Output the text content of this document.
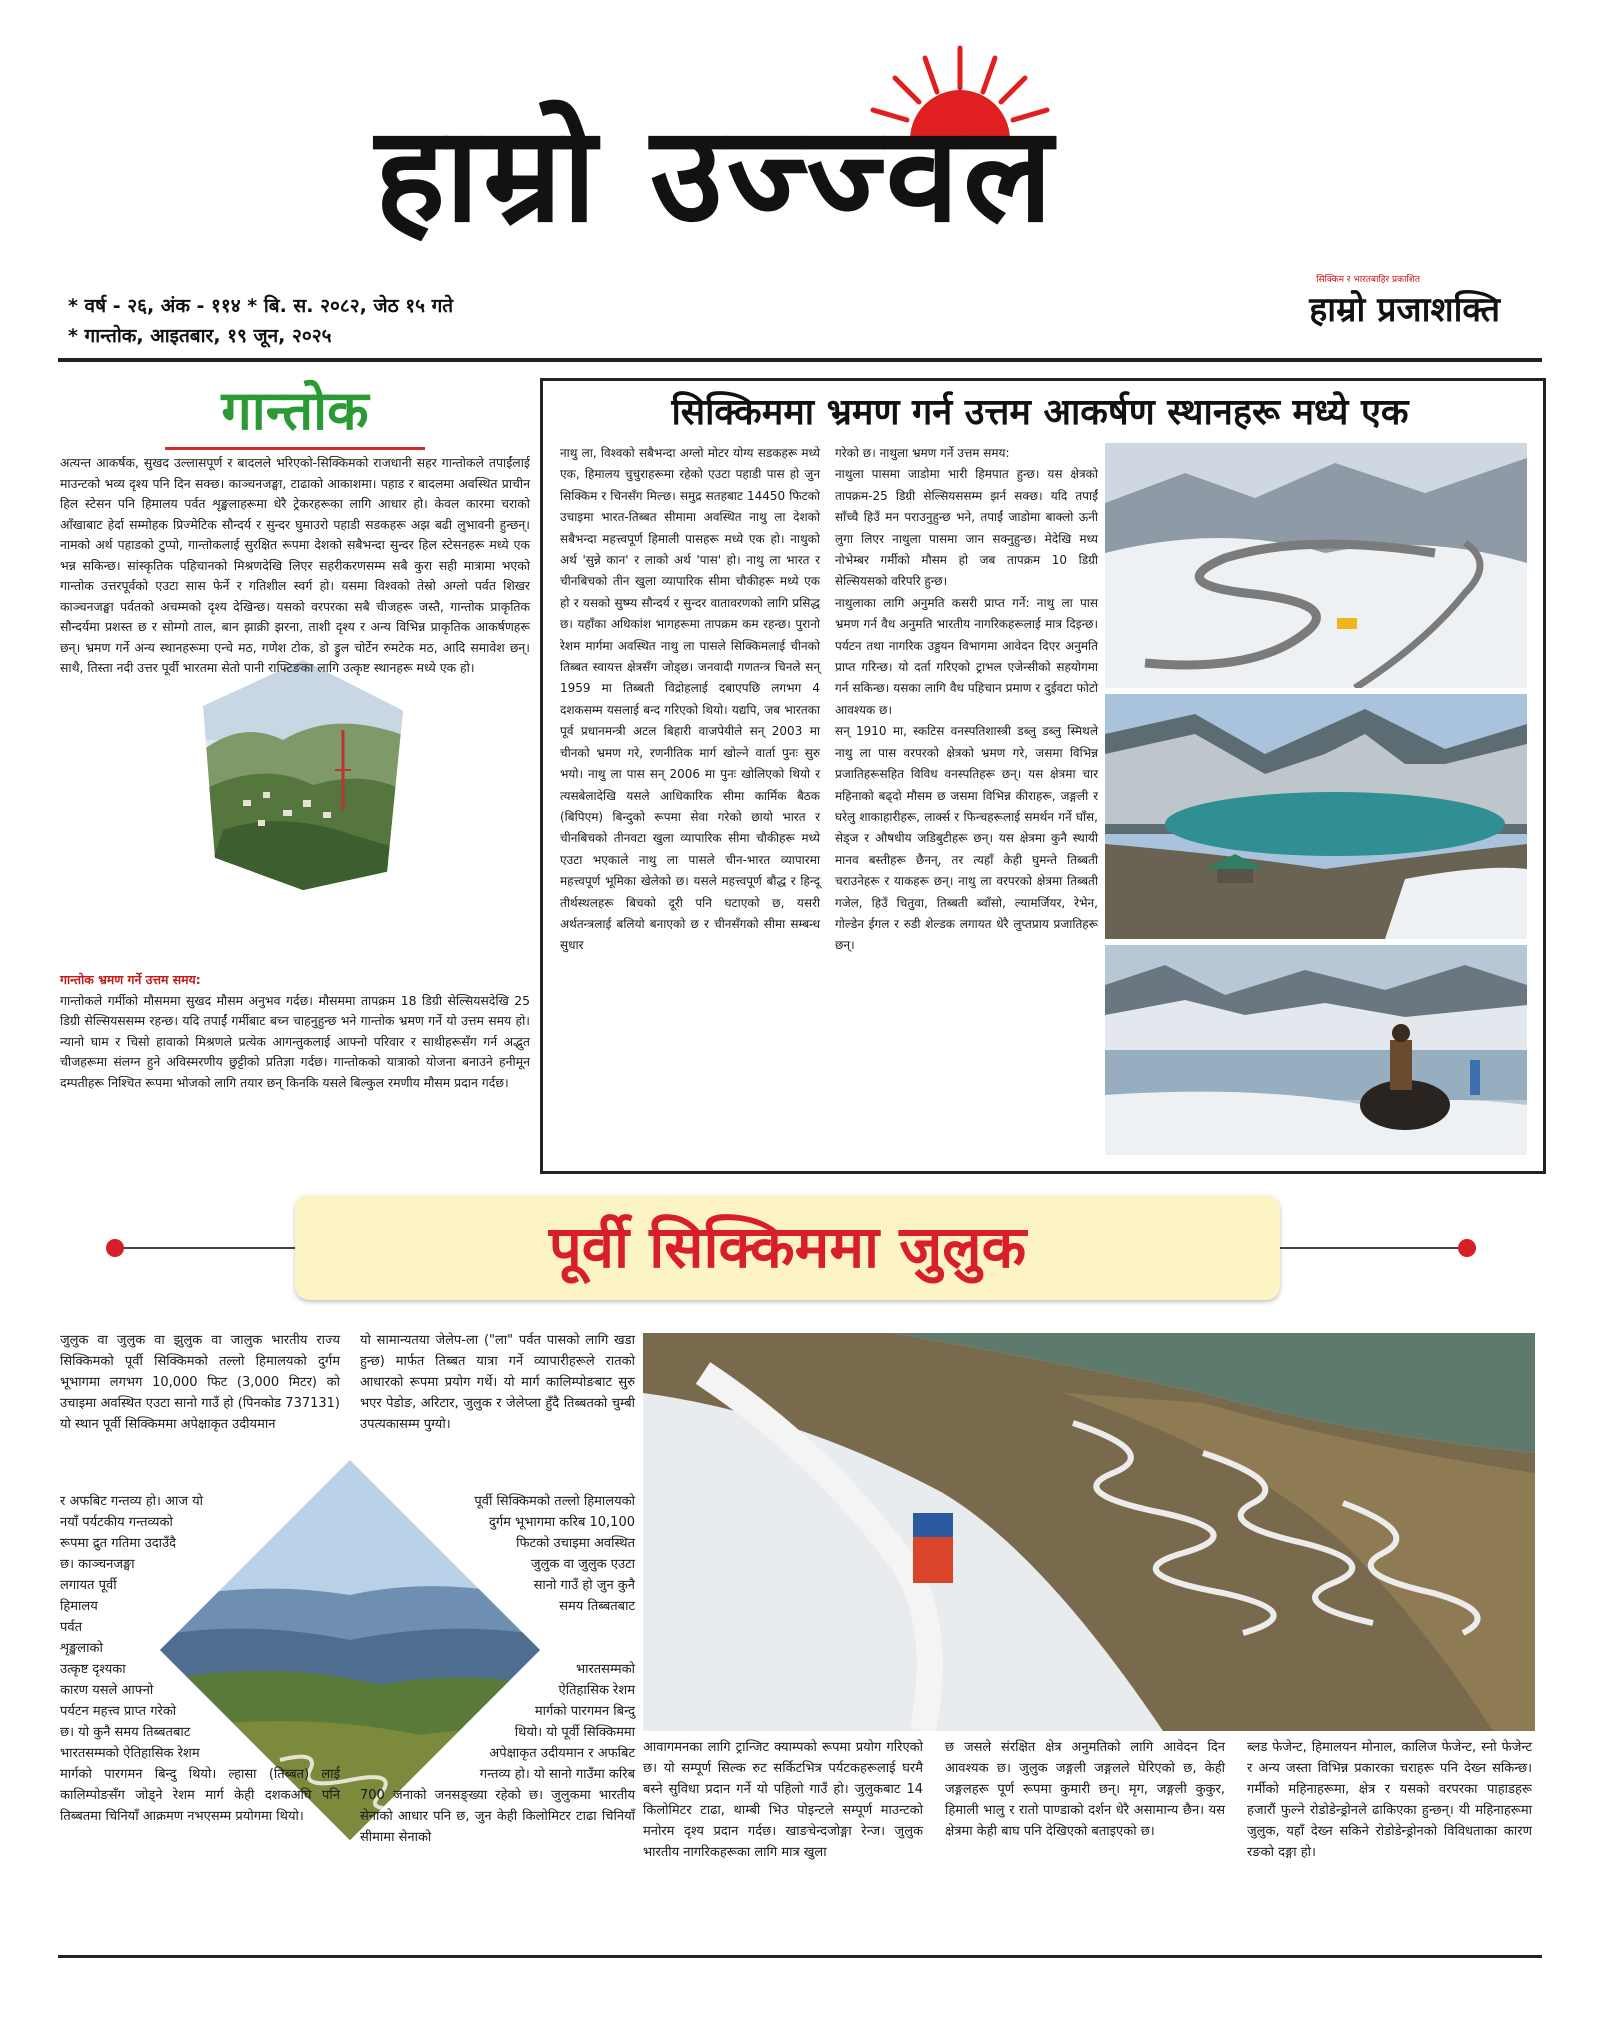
हाम्रो उज्ज्वल
* वर्ष - २६, अंक - ११४ * बि. स. २०८२, जेठ १५ गते
* गान्तोक, आइतबार, १९ जून, २०२५
सिक्किम र भारतबाहिर प्रकाशित
हाम्रो प्रजाशक्ति
गान्तोक

अत्यन्त आकर्षक, सुखद उल्लासपूर्ण र बादलले भरिएको-सिक्किमको राजधानी सहर गान्तोकले तपाईंलाई माउन्टको भव्य दृश्य पनि दिन सक्छ। काञ्चनजङ्घा, टाढाको आकाशमा। पहाड र बादलमा अवस्थित प्राचीन हिल स्टेसन पनि हिमालय पर्वत शृङ्खलाहरूमा धेरै ट्रेकरहरूका लागि आधार हो। केवल कारमा चराको आँखाबाट हेर्दा सम्मोहक प्रिज्मेटिक सौन्दर्य र सुन्दर घुमाउरो पहाडी सडकहरू अझ बढी लुभावनी हुन्छन्। नामको अर्थ पहाडको टुप्पो, गान्तोकलाई सुरक्षित रूपमा देशको सबैभन्दा सुन्दर हिल स्टेसनहरू मध्ये एक भन्न सकिन्छ। सांस्कृतिक पहिचानको मिश्रणदेखि लिएर सहरीकरणसम्म सबै कुरा सही मात्रामा भएको गान्तोक उत्तरपूर्वको एउटा सास फेर्ने र गतिशील स्वर्ग हो। यसमा विश्वको तेस्रो अग्लो पर्वत शिखर काञ्चनजङ्घा पर्वतको अचम्मको दृश्य देखिन्छ। यसको वरपरका सबै चीजहरू जस्तै, गान्तोक प्राकृतिक सौन्दर्यमा प्रशस्त छ र सोम्गो ताल, बान झाक्री झरना, ताशी दृश्य र अन्य विभिन्न प्राकृतिक आकर्षणहरू छन्। भ्रमण गर्ने अन्य स्थानहरूमा एन्चे मठ, गणेश टोक, डो ड्रुल चोर्टेन रुमटेक मठ, आदि समावेश छन्। साथै, तिस्ता नदी उत्तर पूर्वी भारतमा सेतो पानी राफ्टिङका लागि उत्कृष्ट स्थानहरू मध्ये एक हो।

गान्तोक भ्रमण गर्ने उत्तम समय:

गान्तोकले गर्मीको मौसममा सुखद मौसम अनुभव गर्दछ। मौसममा तापक्रम 18 डिग्री सेल्सियसदेखि 25 डिग्री सेल्सियससम्म रहन्छ। यदि तपाईं गर्मीबाट बच्न चाहनुहुन्छ भने गान्तोक भ्रमण गर्ने यो उत्तम समय हो। न्यानो घाम र चिसो हावाको मिश्रणले प्रत्येक आगन्तुकलाई आफ्नो परिवार र साथीहरूसँग गर्न अद्भुत चीजहरूमा संलग्न हुने अविस्मरणीय छुट्टीको प्रतिज्ञा गर्दछ। गान्तोकको यात्राको योजना बनाउने हनीमून दम्पतीहरू निश्चित रूपमा भोजको लागि तयार छन् किनकि यसले बिल्कुल रमणीय मौसम प्रदान गर्दछ।

सिक्किममा भ्रमण गर्न उत्तम आकर्षण स्थानहरू मध्ये एक
नाथु ला, विश्वको सबैभन्दा अग्लो मोटर योग्य सडकहरू मध्ये एक, हिमालय चुचुराहरूमा रहेको एउटा पहाडी पास हो जुन सिक्किम र चिनसँग मिल्छ। समुद्र सतहबाट 14450 फिटको उचाइमा भारत-तिब्बत सीमामा अवस्थित नाथु ला देशको सबैभन्दा महत्त्वपूर्ण हिमाली पासहरू मध्ये एक हो। नाथुको अर्थ 'सुन्ने कान' र लाको अर्थ 'पास' हो। नाथु ला भारत र चीनबिचको तीन खुला व्यापारिक सीमा चौकीहरू मध्ये एक हो र यसको सुष्म्य सौन्दर्य र सुन्दर वातावरणको लागि प्रसिद्ध छ। यहाँका अधिकांश भागहरूमा तापक्रम कम रहन्छ। पुरानो रेशम मार्गमा अवस्थित नाथु ला पासले सिक्किमलाई चीनको तिब्बत स्वायत्त क्षेत्रसँग जोड्छ। जनवादी गणतन्त्र चिनले सन् 1959 मा तिब्बती विद्रोहलाई दबाएपछि लगभग 4 दशकसम्म यसलाई बन्द गरिएको थियो। यद्यपि, जब भारतका पूर्व प्रधानमन्त्री अटल बिहारी वाजपेयीले सन् 2003 मा चीनको भ्रमण गरे, रणनीतिक मार्ग खोल्ने वार्ता पुनः सुरु भयो। नाथु ला पास सन् 2006 मा पुनः खोलिएको थियो र त्यसबेलादेखि यसले आधिकारिक सीमा कार्मिक बैठक (बिपिएम) बिन्दुको रूपमा सेवा गरेको छायो भारत र चीनबिचको तीनवटा खुला व्यापारिक सीमा चौकीहरू मध्ये एउटा भएकाले नाथु ला पासले चीन-भारत व्यापारमा महत्त्वपूर्ण भूमिका खेलेको छ। यसले महत्त्वपूर्ण बौद्ध र हिन्दू तीर्थस्थलहरू बिचको दूरी पनि घटाएको छ, यसरी अर्थतन्त्रलाई बलियो बनाएको छ र चीनसँगको सीमा सम्बन्ध सुधार

गरेको छ। नाथुला भ्रमण गर्ने उत्तम समय:

नाथुला पासमा जाडोमा भारी हिमपात हुन्छ। यस क्षेत्रको तापक्रम-25 डिग्री सेल्सियससम्म झर्न सक्छ। यदि तपाईं साँच्चै हिउँ मन पराउनुहुन्छ भने, तपाईं जाडोमा बाक्लो ऊनी लुगा लिएर नाथुला पासमा जान सक्नुहुन्छ। मेदेखि मध्य नोभेम्बर गर्मीको मौसम हो जब तापक्रम 10 डिग्री सेल्सियसको वरिपरि हुन्छ।

नाथुलाका लागि अनुमति कसरी प्राप्त गर्ने: नाथु ला पास भ्रमण गर्न वैध अनुमति भारतीय नागरिकहरूलाई मात्र दिइन्छ। पर्यटन तथा नागरिक उड्डयन विभागमा आवेदन दिएर अनुमति प्राप्त गरिन्छ। यो दर्ता गरिएको ट्राभल एजेन्सीको सहयोगमा गर्न सकिन्छ। यसका लागि वैध पहिचान प्रमाण र दुईवटा फोटो आवश्यक छ।

सन् 1910 मा, स्कटिस वनस्पतिशास्त्री डब्लु डब्लु स्मिथले नाथु ला पास वरपरको क्षेत्रको भ्रमण गरे, जसमा विभिन्न प्रजातिहरूसहित विविध वनस्पतिहरू छन्। यस क्षेत्रमा चार महिनाको बढ्दो मौसम छ जसमा विभिन्न कीराहरू, जङ्गली र घरेलु शाकाहारीहरू, लार्क्स र फिन्चहरूलाई समर्थन गर्ने घाँस, सेड्ज र औषधीय जडिबुटीहरू छन्। यस क्षेत्रमा कुनै स्थायी मानव बस्तीहरू छैनन्, तर त्यहाँ केही घुमन्ते तिब्बती चराउनेहरू र याकहरू छन्। नाथु ला वरपरको क्षेत्रमा तिब्बती गजेल, हिउँ चितुवा, तिब्बती ब्वाँसो, ल्यामर्जियर, रेभेन, गोल्डेन ईगल र रुडी शेल्डक लगायत धेरै लुप्तप्राय प्रजातिहरू छन्।

पूर्वी सिक्किममा जुलुक
जुलुक वा जुलुक वा झुलुक वा जालुक भारतीय राज्य सिक्किमको पूर्वी सिक्किमको तल्लो हिमालयको दुर्गम भूभागमा लगभग 10,000 फिट (3,000 मिटर) को उचाइमा अवस्थित एउटा सानो गाउँ हो (पिनकोड 737131) यो स्थान पूर्वी सिक्किममा अपेक्षाकृत उदीयमान
यो सामान्यतया जेलेप-ला ("ला" पर्वत पासको लागि खडा हुन्छ) मार्फत तिब्बत यात्रा गर्ने व्यापारीहरूले रातको आधारको रूपमा प्रयोग गर्थे। यो मार्ग कालिम्पोङबाट सुरु भएर पेडोङ, अरिटार, जुलुक र जेलेप्ला हुँदै तिब्बतको चुम्बी उपत्यकासम्म पुग्यो।
र अफबिट गन्तव्य हो। आज यो
नयाँ पर्यटकीय गन्तव्यको
रूपमा द्रुत गतिमा उदाउँदै
छ। काञ्चनजङ्घा
लगायत पूर्वी
हिमालय
पर्वत
शृङ्खलाको
उत्कृष्ट दृश्यका
कारण यसले आफ्नो
पर्यटन महत्त्व प्राप्त गरेको
छ। यो कुनै समय तिब्बतबाट
भारतसम्मको ऐतिहासिक रेशम
मार्गको पारगमन बिन्दु थियो। ल्हासा (तिब्बत) लाई कालिम्पोङसँग जोड्ने रेशम मार्ग केही दशकअघि पनि तिब्बतमा चिनियाँ आक्रमण नभएसम्म प्रयोगमा थियो।
पूर्वी सिक्किमको तल्लो हिमालयको
दुर्गम भूभागमा करिब 10,100
फिटको उचाइमा अवस्थित
जुलुक वा जुलुक एउटा
सानो गाउँ हो जुन कुनै
समय तिब्बतबाट
भारतसम्मको
ऐतिहासिक रेशम
मार्गको पारगमन बिन्दु
थियो। यो पूर्वी सिक्किममा
अपेक्षाकृत उदीयमान र अफबिट
गन्तव्य हो। यो सानो गाउँमा करिब
700 जनाको जनसङ्ख्या रहेको छ। जुलुकमा भारतीय सेनाको आधार पनि छ, जुन केही किलोमिटर टाढा चिनियाँ सीमामा सेनाको
आवागमनका लागि ट्रान्जिट क्याम्पको रूपमा प्रयोग गरिएको छ। यो सम्पूर्ण सिल्क रुट सर्किटभित्र पर्यटकहरूलाई घरमै बस्ने सुविधा प्रदान गर्ने यो पहिलो गाउँ हो। जुलुकबाट 14 किलोमिटर टाढा, थाम्बी भिउ पोइन्टले सम्पूर्ण माउन्टको मनोरम दृश्य प्रदान गर्दछ। खाङचेन्दजोङ्गा रेन्ज। जुलुक भारतीय नागरिकहरूका लागि मात्र खुला
छ जसले संरक्षित क्षेत्र अनुमतिको लागि आवेदन दिन आवश्यक छ। जुलुक जङ्गली जङ्गलले घेरिएको छ, केही जङ्गलहरू पूर्ण रूपमा कुमारी छन्। मृग, जङ्गली कुकुर, हिमाली भालु र रातो पाण्डाको दर्शन धेरै असामान्य छैन। यस क्षेत्रमा केही बाघ पनि देखिएको बताइएको छ।
ब्लड फेजेन्ट, हिमालयन मोनाल, कालिज फेजेन्ट, स्नो फेजेन्ट र अन्य जस्ता विभिन्न प्रकारका चराहरू पनि देख्न सकिन्छ। गर्मीको महिनाहरूमा, क्षेत्र र यसको वरपरका पाहाडहरू हजारौं फुल्ने रोडोडेन्ड्रोनले ढाकिएका हुन्छन्। यी महिनाहरूमा जुलुक, यहाँ देख्न सकिने रोडोडेन्ड्रोनको विविधताका कारण रङको दङ्गा हो।
